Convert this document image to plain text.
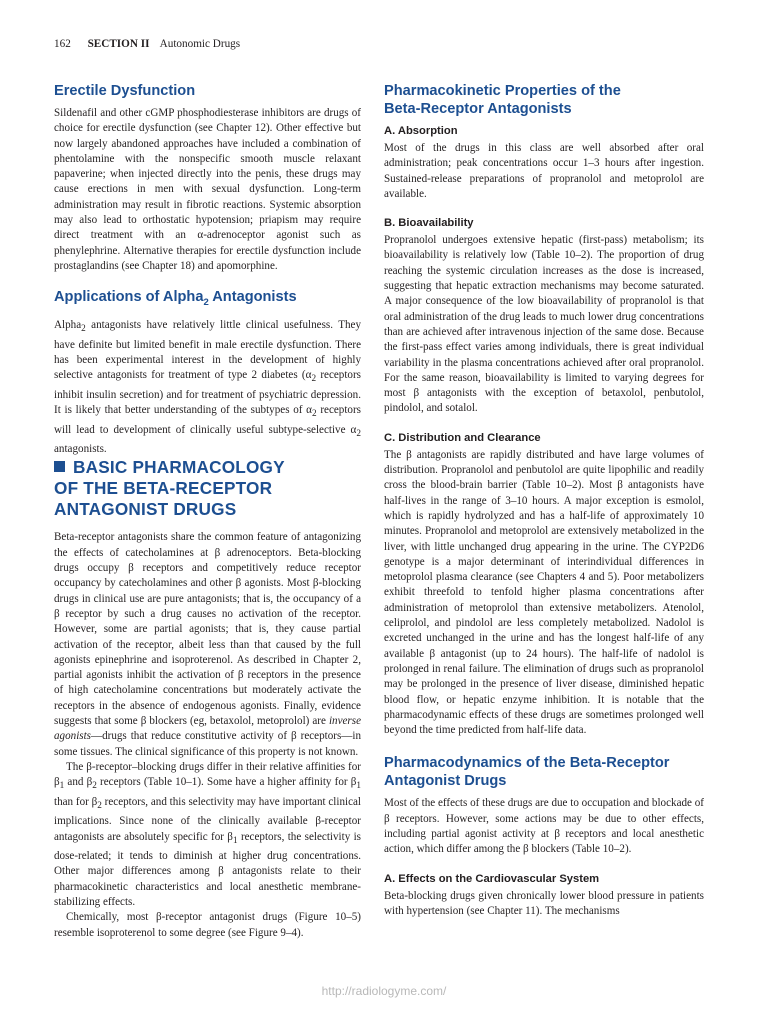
162 SECTION II Autonomic Drugs
Erectile Dysfunction

Sildenafil and other cGMP phosphodiesterase inhibitors are drugs of choice for erectile dysfunction (see Chapter 12). Other effective but now largely abandoned approaches have included a combination of phentolamine with the nonspecific smooth muscle relaxant papaverine; when injected directly into the penis, these drugs may cause erections in men with sexual dysfunction. Long-term administration may result in fibrotic reactions. Systemic absorption may also lead to orthostatic hypotension; priapism may require direct treatment with an α-adrenoceptor agonist such as phenylephrine. Alternative therapies for erectile dysfunction include prostaglandins (see Chapter 18) and apomorphine.

Applications of Alpha$_2$ Antagonists

Alpha$_2$ antagonists have relatively little clinical usefulness. They have definite but limited benefit in male erectile dysfunction. There has been experimental interest in the development of highly selective antagonists for treatment of type 2 diabetes ($\alpha_2$ receptors inhibit insulin secretion) and for treatment of psychiatric depression. It is likely that better understanding of the subtypes of $\alpha_2$ receptors will lead to development of clinically useful subtype-selective $\alpha_2$ antagonists.

BASIC PHARMACOLOGY
OF THE BETA-RECEPTOR
ANTAGONIST DRUGS

Beta-receptor antagonists share the common feature of antagonizing the effects of catecholamines at β adrenoceptors. Beta-blocking drugs occupy β receptors and competitively reduce receptor occupancy by catecholamines and other β agonists. Most β-blocking drugs in clinical use are pure antagonists; that is, the occupancy of a β receptor by such a drug causes no activation of the receptor. However, some are partial agonists; that is, they cause partial activation of the receptor, albeit less than that caused by the full agonists epinephrine and isoproterenol. As described in Chapter 2, partial agonists inhibit the activation of β receptors in the presence of high catecholamine concentrations but moderately activate the receptors in the absence of endogenous agonists. Finally, evidence suggests that some β blockers (eg, betaxolol, metoprolol) are inverse agonists—drugs that reduce constitutive activity of β receptors—in some tissues. The clinical significance of this property is not known.

The β-receptor–blocking drugs differ in their relative affinities for $\beta_1$ and $\beta_2$ receptors (Table 10–1). Some have a higher affinity for $\beta_1$ than for $\beta_2$ receptors, and this selectivity may have important clinical implications. Since none of the clinically available β-receptor antagonists are absolutely specific for $\beta_1$ receptors, the selectivity is dose-related; it tends to diminish at higher drug concentrations. Other major differences among β antagonists relate to their pharmacokinetic characteristics and local anesthetic membrane-stabilizing effects.

Chemically, most β-receptor antagonist drugs (Figure 10–5) resemble isoproterenol to some degree (see Figure 9–4).

Pharmacokinetic Properties of the
Beta-Receptor Antagonists
A. Absorption

Most of the drugs in this class are well absorbed after oral administration; peak concentrations occur 1–3 hours after ingestion. Sustained-release preparations of propranolol and metoprolol are available.

B. Bioavailability

Propranolol undergoes extensive hepatic (first-pass) metabolism; its bioavailability is relatively low (Table 10–2). The proportion of drug reaching the systemic circulation increases as the dose is increased, suggesting that hepatic extraction mechanisms may become saturated. A major consequence of the low bioavailability of propranolol is that oral administration of the drug leads to much lower drug concentrations than are achieved after intravenous injection of the same dose. Because the first-pass effect varies among individuals, there is great individual variability in the plasma concentrations achieved after oral propranolol. For the same reason, bioavailability is limited to varying degrees for most β antagonists with the exception of betaxolol, penbutolol, pindolol, and sotalol.

C. Distribution and Clearance

The β antagonists are rapidly distributed and have large volumes of distribution. Propranolol and penbutolol are quite lipophilic and readily cross the blood-brain barrier (Table 10–2). Most β antagonists have half-lives in the range of 3–10 hours. A major exception is esmolol, which is rapidly hydrolyzed and has a half-life of approximately 10 minutes. Propranolol and metoprolol are extensively metabolized in the liver, with little unchanged drug appearing in the urine. The CYP2D6 genotype is a major determinant of interindividual differences in metoprolol plasma clearance (see Chapters 4 and 5). Poor metabolizers exhibit threefold to tenfold higher plasma concentrations after administration of metoprolol than extensive metabolizers. Atenolol, celiprolol, and pindolol are less completely metabolized. Nadolol is excreted unchanged in the urine and has the longest half-life of any available β antagonist (up to 24 hours). The half-life of nadolol is prolonged in renal failure. The elimination of drugs such as propranolol may be prolonged in the presence of liver disease, diminished hepatic blood flow, or hepatic enzyme inhibition. It is notable that the pharmacodynamic effects of these drugs are sometimes prolonged well beyond the time predicted from half-life data.

Pharmacodynamics of the Beta-Receptor
Antagonist Drugs

Most of the effects of these drugs are due to occupation and blockade of β receptors. However, some actions may be due to other effects, including partial agonist activity at β receptors and local anesthetic action, which differ among the β blockers (Table 10–2).

A. Effects on the Cardiovascular System

Beta-blocking drugs given chronically lower blood pressure in patients with hypertension (see Chapter 11). The mechanisms

http://radiologyme.com/
